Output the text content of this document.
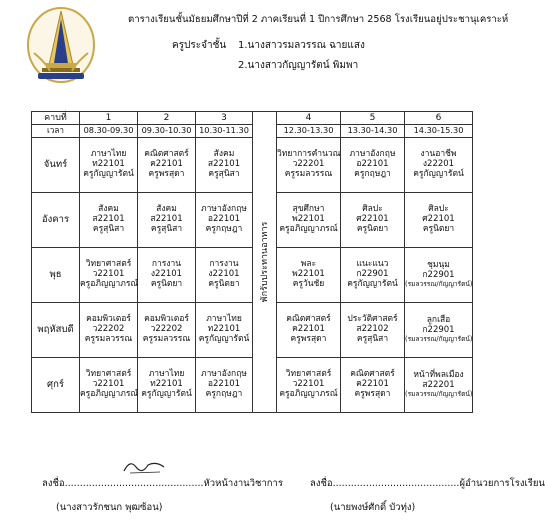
ตารางเรียนชั้นมัธยมศึกษาปีที่ 2 ภาคเรียนที่ 1 ปีการศึกษา 2568 โรงเรียนอยู่ประชานุเคราะห์
ครูประจำชั้น 1.นางสาวรมลวรรณ ฉายแสง
2.นางสาวกัญญารัตน์ พิมพา
คาบที่	1	2	3	พักรับประทานอาหาร	4	5	6
เวลา	08.30-09.30	09.30-10.30	10.30-11.30		12.30-13.30	13.30-14.30	14.30-15.30
จันทร์	ภาษาไทย
ท22101
ครูกัญญารัตน์	คณิตศาสตร์
ค22101
ครูพรสุดา	สังคม
ส22101
ครูสุนิสา		วิทยาการคำนวณ
ว22201
ครูรมลวรรณ	ภาษาอังกฤษ
อ22101
ครูกฤษฎา	งานอาชีพ
ง22201
ครูกัญญารัตน์

อังคาร	สังคม
ส22101
ครูสุนิสา	สังคม
ส22101
ครูสุนิสา	ภาษาอังกฤษ
อ22101
ครูกฤษฎา		สุขศึกษา
พ22101
ครูอภิญญาภรณ์	ศิลปะ
ศ22101
ครูนิตยา	ศิลปะ
ศ22101
ครูนิตยา

พุธ	วิทยาศาสตร์
ว22101
ครูอภิญญาภรณ์	การงาน
ง22101
ครูนิตยา	การงาน
ง22101
ครูนิตยา		พละ
พ22101
ครูวันชัย	แนะแนว
ก22901
ครูกัญญารัตน์	ชุมนุม
ก22901
(รมลวรรณ/กัญญารัตน์)

พฤหัสบดี	คอมพิวเตอร์
ว22202
ครูรมลวรรณ	คอมพิวเตอร์
ว22202
ครูรมลวรรณ	ภาษาไทย
ท22101
ครูกัญญารัตน์		คณิตศาสตร์
ค22101
ครูพรสุดา	ประวัติศาสตร์
ส22102
ครูสุนิสา	ลูกเสือ
ก22901
(รมลวรรณ/กัญญารัตน์)

ศุกร์	วิทยาศาสตร์
ว22101
ครูอภิญญาภรณ์	ภาษาไทย
ท22101
ครูกัญญารัตน์	ภาษาอังกฤษ
อ22101
ครูกฤษฎา		วิทยาศาสตร์
ว22101
ครูอภิญญาภรณ์	คณิตศาสตร์
ค22101
ครูพรสุดา	หน้าที่พลเมือง
ส22201
(รมลวรรณ/กัญญารัตน์)
ลงชื่อ..............................................หัวหน้างานวิชาการ
(นางสาวรักชนก พุฒซ้อน)
ลงชื่อ..........................................ผู้อำนวยการโรงเรียน
(นายพงษ์ศักดิ์ บัวทุ่ง)
